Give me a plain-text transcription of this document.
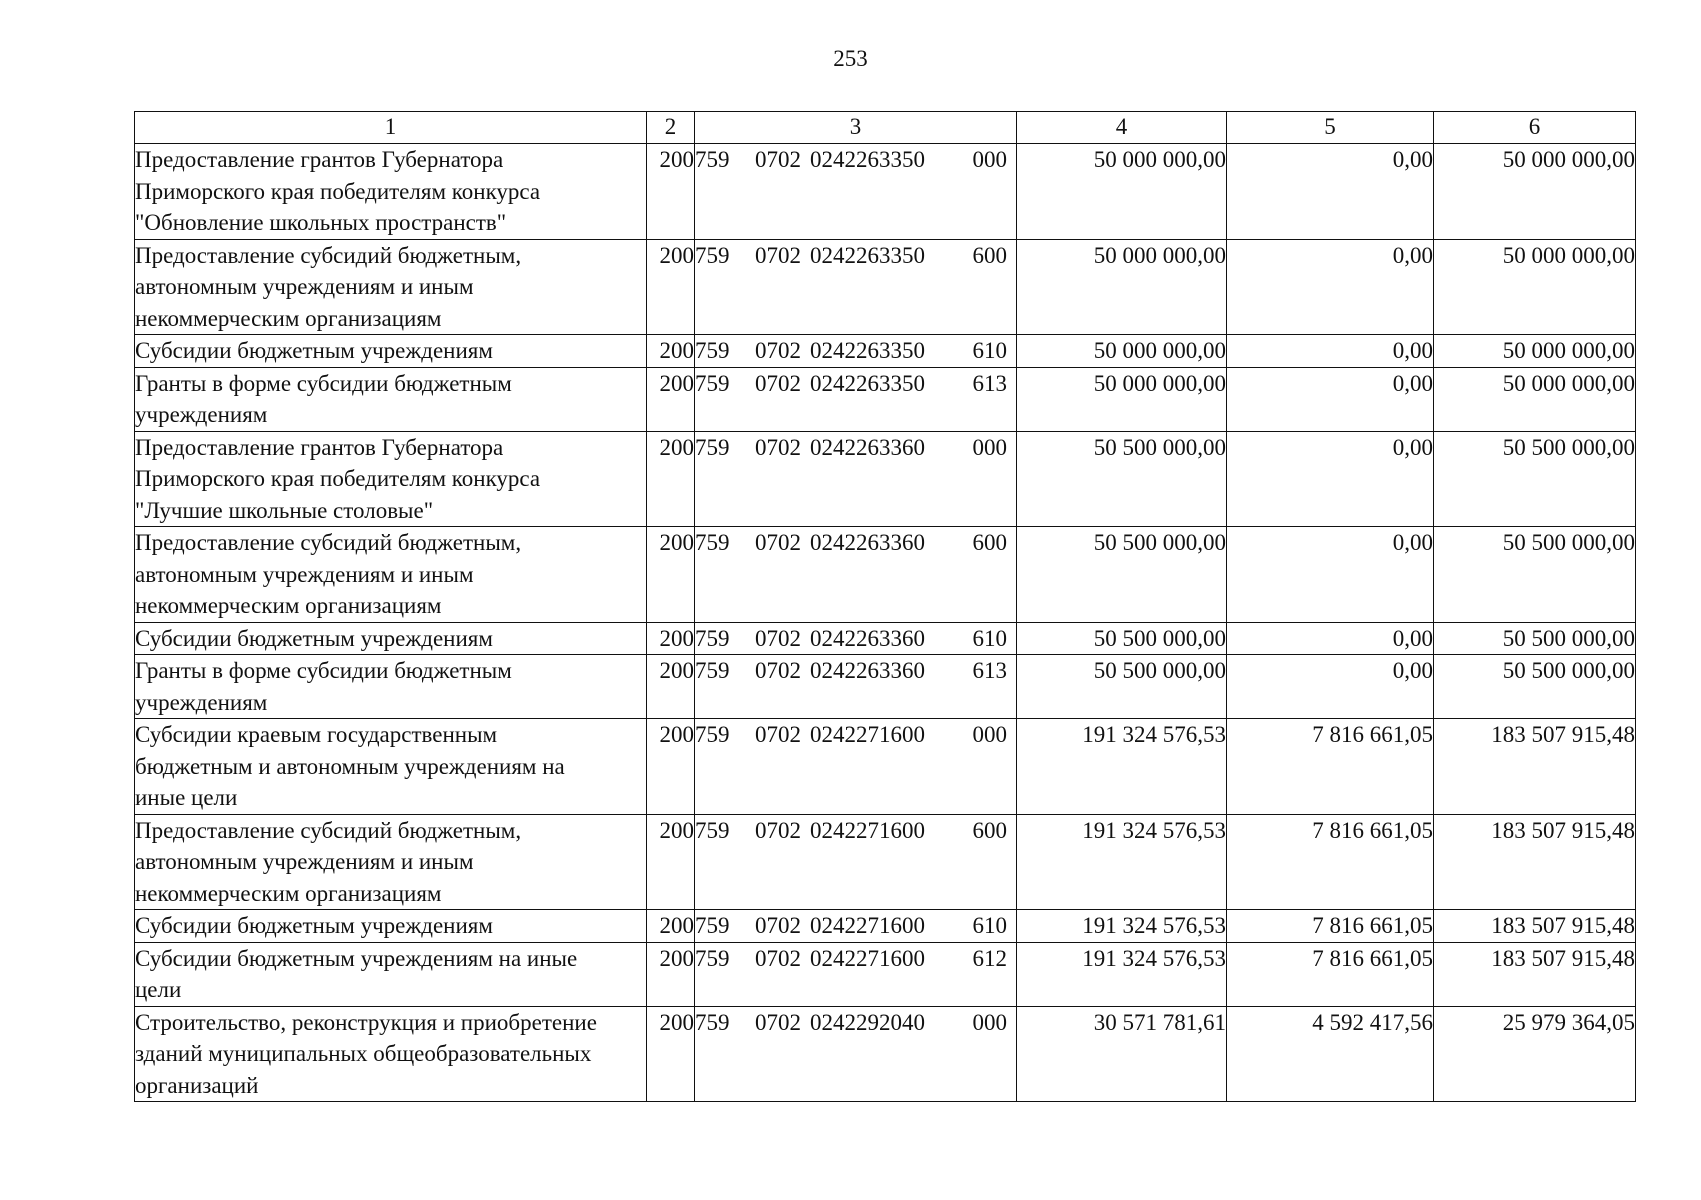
253
1	2	3	4	5	6

Предоставление грантов Губернатора
Приморского края победителям конкурса
"Обновление школьных пространств"	200	759 0702 0242263350 000	50 000 000,00	0,00	50 000 000,00

Предоставление субсидий бюджетным,
автономным учреждениям и иным
некоммерческим организациям	200	759 0702 0242263350 600	50 000 000,00	0,00	50 000 000,00

Субсидии бюджетным учреждениям	200	759 0702 0242263350 610	50 000 000,00	0,00	50 000 000,00

Гранты в форме субсидии бюджетным
учреждениям	200	759 0702 0242263350 613	50 000 000,00	0,00	50 000 000,00

Предоставление грантов Губернатора
Приморского края победителям конкурса
"Лучшие школьные столовые"	200	759 0702 0242263360 000	50 500 000,00	0,00	50 500 000,00

Предоставление субсидий бюджетным,
автономным учреждениям и иным
некоммерческим организациям	200	759 0702 0242263360 600	50 500 000,00	0,00	50 500 000,00

Субсидии бюджетным учреждениям	200	759 0702 0242263360 610	50 500 000,00	0,00	50 500 000,00

Гранты в форме субсидии бюджетным
учреждениям	200	759 0702 0242263360 613	50 500 000,00	0,00	50 500 000,00

Субсидии краевым государственным
бюджетным и автономным учреждениям на
иные цели	200	759 0702 0242271600 000	191 324 576,53	7 816 661,05	183 507 915,48

Предоставление субсидий бюджетным,
автономным учреждениям и иным
некоммерческим организациям	200	759 0702 0242271600 600	191 324 576,53	7 816 661,05	183 507 915,48

Субсидии бюджетным учреждениям	200	759 0702 0242271600 610	191 324 576,53	7 816 661,05	183 507 915,48

Субсидии бюджетным учреждениям на иные
цели	200	759 0702 0242271600 612	191 324 576,53	7 816 661,05	183 507 915,48

Строительство, реконструкция и приобретение
зданий муниципальных общеобразовательных
организаций	200	759 0702 0242292040 000	30 571 781,61	4 592 417,56	25 979 364,05
